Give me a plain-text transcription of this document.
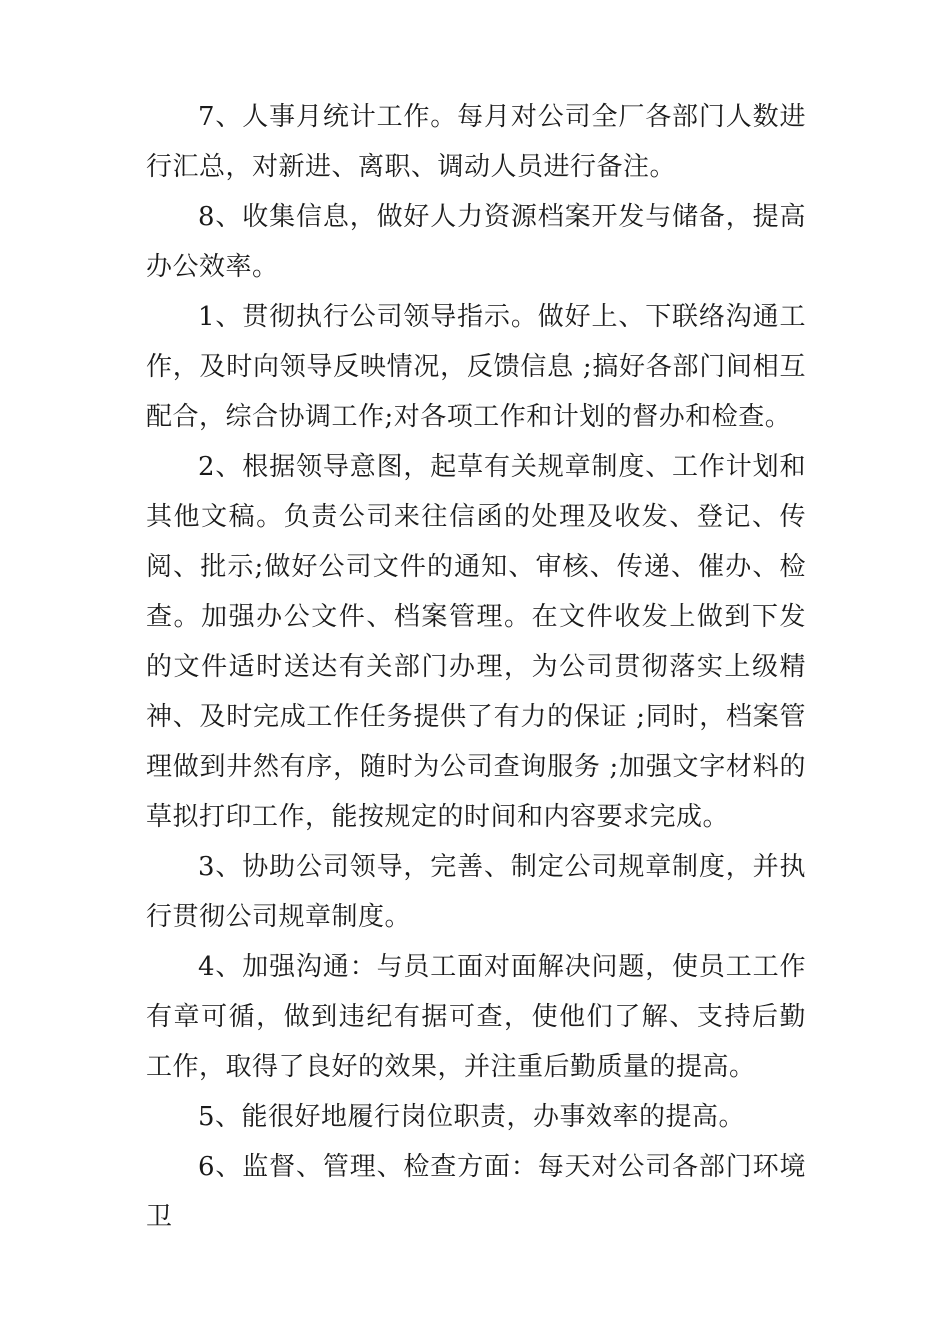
7、人事月统计工作。每月对公司全厂各部门人数进行汇总，对新进、离职、调动人员进行备注。

8、收集信息，做好人力资源档案开发与储备，提高办公效率。

1、贯彻执行公司领导指示。做好上、下联络沟通工作，及时向领导反映情况，反馈信息 ;搞好各部门间相互配合，综合协调工作;对各项工作和计划的督办和检查。

2、根据领导意图，起草有关规章制度、工作计划和其他文稿。负责公司来往信函的处理及收发、登记、传阅、批示;做好公司文件的通知、审核、传递、催办、检查。加强办公文件、档案管理。在文件收发上做到下发的文件适时送达有关部门办理，为公司贯彻落实上级精神、及时完成工作任务提供了有力的保证 ;同时，档案管理做到井然有序，随时为公司查询服务 ;加强文字材料的草拟打印工作，能按规定的时间和内容要求完成。

3、协助公司领导，完善、制定公司规章制度，并执行贯彻公司规章制度。

4、加强沟通：与员工面对面解决问题，使员工工作有章可循，做到违纪有据可查，使他们了解、支持后勤工作，取得了良好的效果，并注重后勤质量的提高。

5、能很好地履行岗位职责，办事效率的提高。

6、监督、管理、检查方面：每天对公司各部门环境卫
